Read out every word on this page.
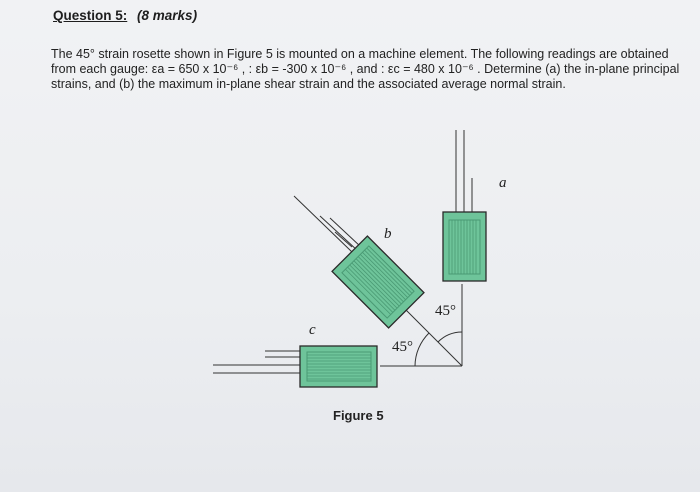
Question 5: (8 marks)

The 45° strain rosette shown in Figure 5 is mounted on a machine element. The following readings are obtained

from each gauge: εa = 650 x 10⁻⁶ , : εb = -300 x 10⁻⁶ , and : εc = 480 x 10⁻⁶ . Determine (a) the in-plane principal

strains, and (b) the maximum in-plane shear strain and the associated average normal strain.

a
b
c
45°
45°
Figure 5
